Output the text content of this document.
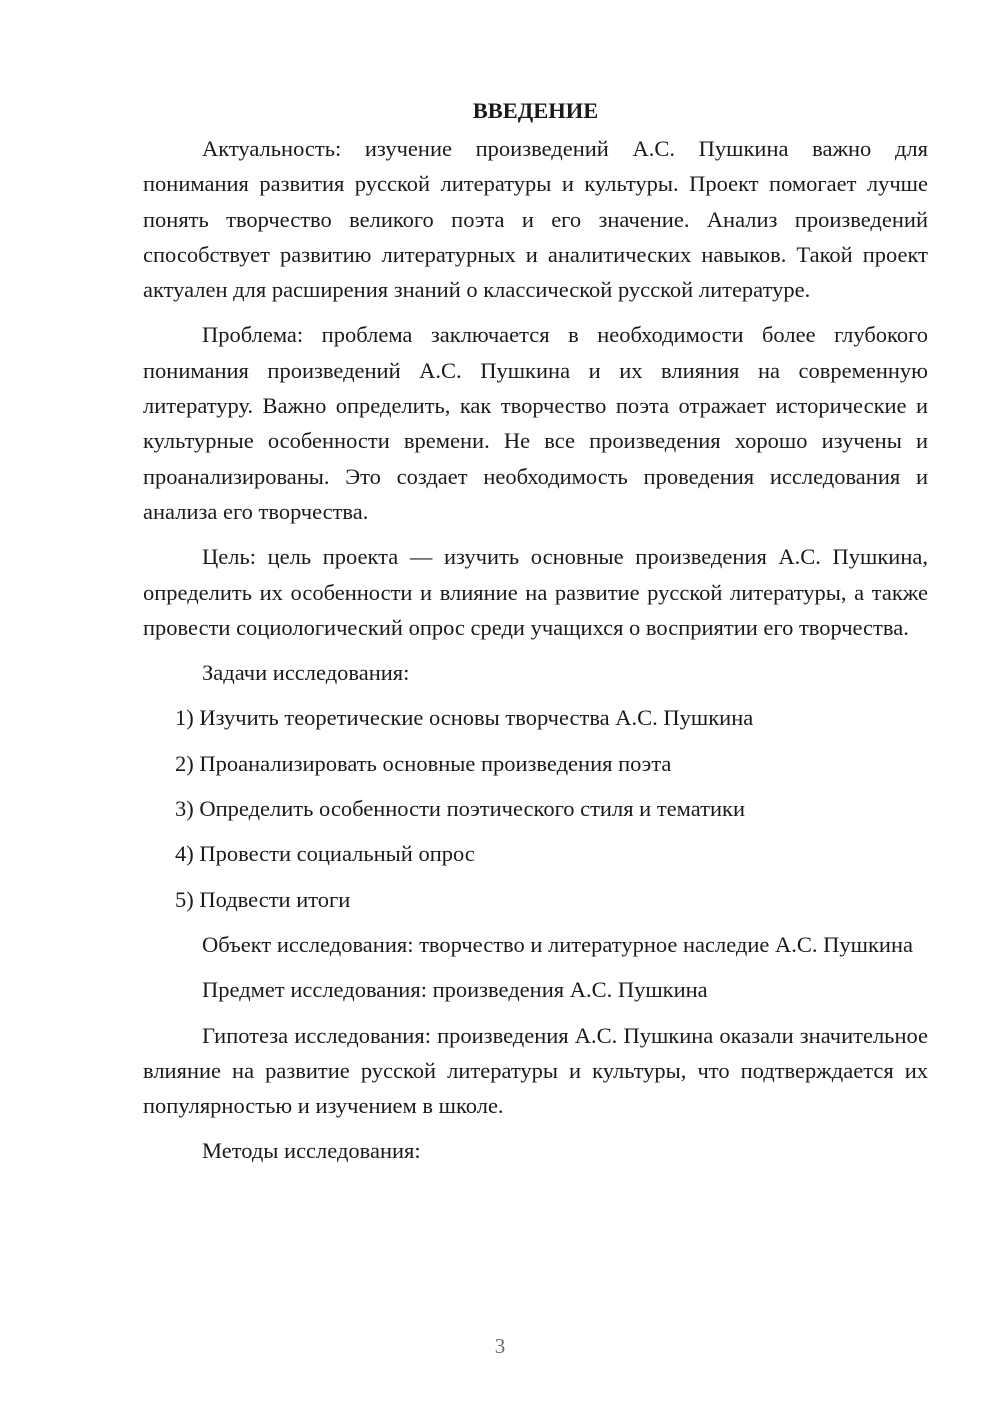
ВВЕДЕНИЕ

Актуальность: изучение произведений А.С. Пушкина важно для понимания развития русской литературы и культуры. Проект помогает лучше понять творчество великого поэта и его значение. Анализ произведений способствует развитию литературных и аналитических навыков. Такой проект актуален для расширения знаний о классической русской литературе.

Проблема: проблема заключается в необходимости более глубокого понимания произведений А.С. Пушкина и их влияния на современную литературу. Важно определить, как творчество поэта отражает исторические и культурные особенности времени. Не все произведения хорошо изучены и проанализированы. Это создает необходимость проведения исследования и анализа его творчества.

Цель: цель проекта — изучить основные произведения А.С. Пушкина, определить их особенности и влияние на развитие русской литературы, а также провести социологический опрос среди учащихся о восприятии его творчества.

Задачи исследования:

1) Изучить теоретические основы творчества А.С. Пушкина
2) Проанализировать основные произведения поэта
3) Определить особенности поэтического стиля и тематики
4) Провести социальный опрос
5) Подвести итоги

Объект исследования: творчество и литературное наследие А.С. Пушкина

Предмет исследования: произведения А.С. Пушкина

Гипотеза исследования: произведения А.С. Пушкина оказали значительное влияние на развитие русской литературы и культуры, что подтверждается их популярностью и изучением в школе.

Методы исследования:

3
